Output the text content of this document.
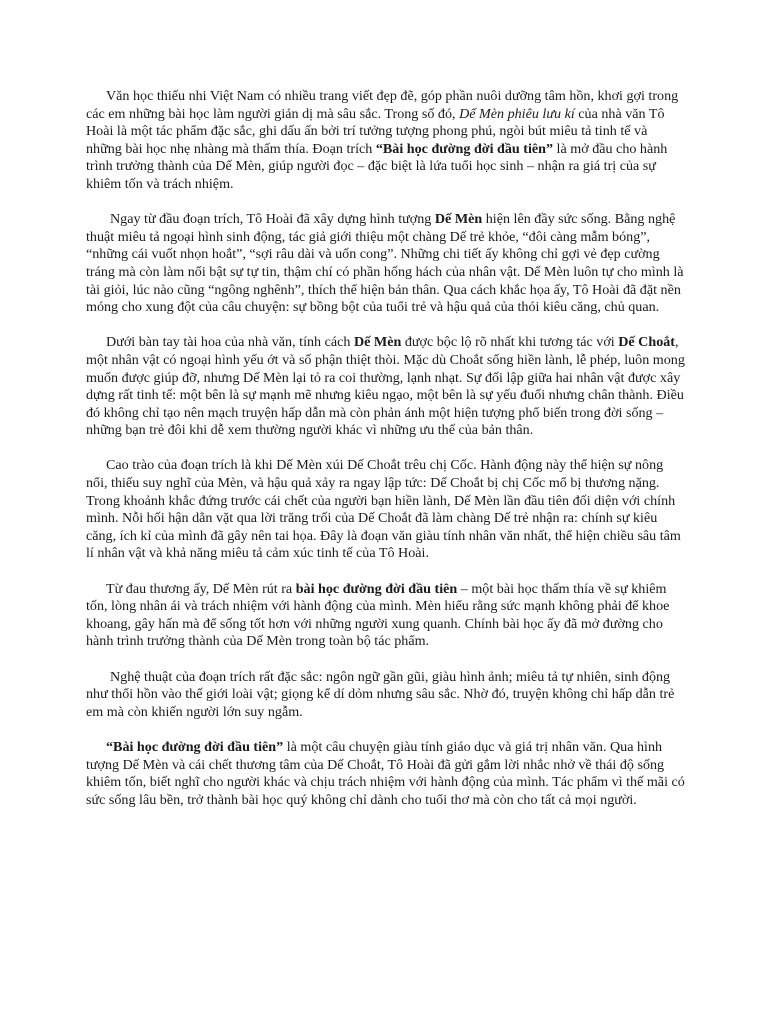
Văn học thiếu nhi Việt Nam có nhiều trang viết đẹp đẽ, góp phần nuôi dưỡng tâm hồn, khơi gợi trong các em những bài học làm người giản dị mà sâu sắc. Trong số đó, Dế Mèn phiêu lưu kí của nhà văn Tô Hoài là một tác phẩm đặc sắc, ghi dấu ấn bởi trí tưởng tượng phong phú, ngòi bút miêu tả tinh tế và những bài học nhẹ nhàng mà thấm thía. Đoạn trích “Bài học đường đời đầu tiên” là mở đầu cho hành trình trưởng thành của Dế Mèn, giúp người đọc – đặc biệt là lứa tuổi học sinh – nhận ra giá trị của sự khiêm tốn và trách nhiệm.

Ngay từ đầu đoạn trích, Tô Hoài đã xây dựng hình tượng Dế Mèn hiện lên đầy sức sống. Bằng nghệ thuật miêu tả ngoại hình sinh động, tác giả giới thiệu một chàng Dế trẻ khỏe, “đôi càng mẫm bóng”, “những cái vuốt nhọn hoắt”, “sợi râu dài và uốn cong”. Những chi tiết ấy không chỉ gợi vẻ đẹp cường tráng mà còn làm nổi bật sự tự tin, thậm chí có phần hống hách của nhân vật. Dế Mèn luôn tự cho mình là tài giỏi, lúc nào cũng “ngông nghênh”, thích thể hiện bản thân. Qua cách khắc họa ấy, Tô Hoài đã đặt nền móng cho xung đột của câu chuyện: sự bồng bột của tuổi trẻ và hậu quả của thói kiêu căng, chủ quan.

Dưới bàn tay tài hoa của nhà văn, tính cách Dế Mèn được bộc lộ rõ nhất khi tương tác với Dế Choắt, một nhân vật có ngoại hình yếu ớt và số phận thiệt thòi. Mặc dù Choắt sống hiền lành, lễ phép, luôn mong muốn được giúp đỡ, nhưng Dế Mèn lại tỏ ra coi thường, lạnh nhạt. Sự đối lập giữa hai nhân vật được xây dựng rất tinh tế: một bên là sự mạnh mẽ nhưng kiêu ngạo, một bên là sự yếu đuối nhưng chân thành. Điều đó không chỉ tạo nên mạch truyện hấp dẫn mà còn phản ánh một hiện tượng phổ biến trong đời sống – những bạn trẻ đôi khi dễ xem thường người khác vì những ưu thế của bản thân.

Cao trào của đoạn trích là khi Dế Mèn xúi Dế Choắt trêu chị Cốc. Hành động này thể hiện sự nông nổi, thiếu suy nghĩ của Mèn, và hậu quả xảy ra ngay lập tức: Dế Choắt bị chị Cốc mổ bị thương nặng. Trong khoảnh khắc đứng trước cái chết của người bạn hiền lành, Dế Mèn lần đầu tiên đối diện với chính mình. Nỗi hối hận dằn vặt qua lời trăng trối của Dế Choắt đã làm chàng Dế trẻ nhận ra: chính sự kiêu căng, ích kỉ của mình đã gây nên tai họa. Đây là đoạn văn giàu tính nhân văn nhất, thể hiện chiều sâu tâm lí nhân vật và khả năng miêu tả cảm xúc tinh tế của Tô Hoài.

Từ đau thương ấy, Dế Mèn rút ra bài học đường đời đầu tiên – một bài học thấm thía về sự khiêm tốn, lòng nhân ái và trách nhiệm với hành động của mình. Mèn hiểu rằng sức mạnh không phải để khoe khoang, gây hấn mà để sống tốt hơn với những người xung quanh. Chính bài học ấy đã mở đường cho hành trình trưởng thành của Dế Mèn trong toàn bộ tác phẩm.

Nghệ thuật của đoạn trích rất đặc sắc: ngôn ngữ gần gũi, giàu hình ảnh; miêu tả tự nhiên, sinh động như thổi hồn vào thế giới loài vật; giọng kể dí dỏm nhưng sâu sắc. Nhờ đó, truyện không chỉ hấp dẫn trẻ em mà còn khiến người lớn suy ngẫm.

“Bài học đường đời đầu tiên” là một câu chuyện giàu tính giáo dục và giá trị nhân văn. Qua hình tượng Dế Mèn và cái chết thương tâm của Dế Choắt, Tô Hoài đã gửi gắm lời nhắc nhở về thái độ sống khiêm tốn, biết nghĩ cho người khác và chịu trách nhiệm với hành động của mình. Tác phẩm vì thế mãi có sức sống lâu bền, trở thành bài học quý không chỉ dành cho tuổi thơ mà còn cho tất cả mọi người.
